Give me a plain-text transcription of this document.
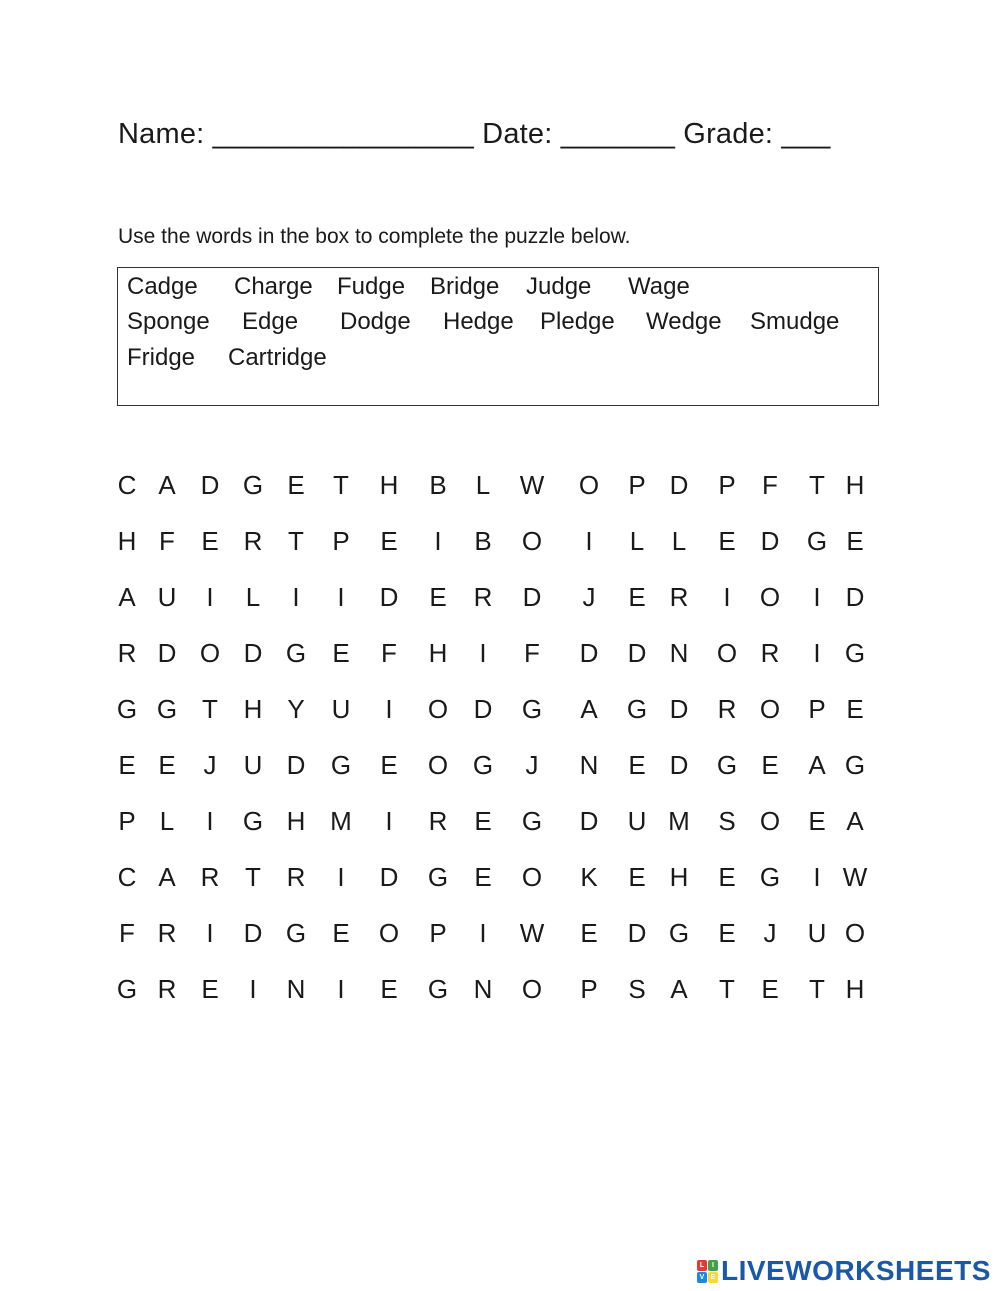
Name: ________________ Date: _______ Grade: ___
Use the words in the box to complete the puzzle below.
Cadge Charge Fudge Bridge Judge Wage
Sponge Edge Dodge Hedge Pledge Wedge Smudge
Fridge Cartridge
C A D G E T H B L W O P D P F T H
H F E R T P E	I	B O	I	L L E D G E
A U	I	L	I	I	D E R D	J	E R	I	O	I D
R D O D G E F H	I	F D D N O R	I G
G G T H Y U	I	O D G A G D R O P E
E E	J	U D G E O G	J	N E D G E A G
P L	I	G H M	I	R E G D U M S O E A
C A R T R	I	D G E O K E H E G	I W
F R	I	D G E O P	I	W E D G E	J	U O
G R E	I	N	I	E G N O P S A T E T H
L	I
V E LIVEWORKSHEETS
